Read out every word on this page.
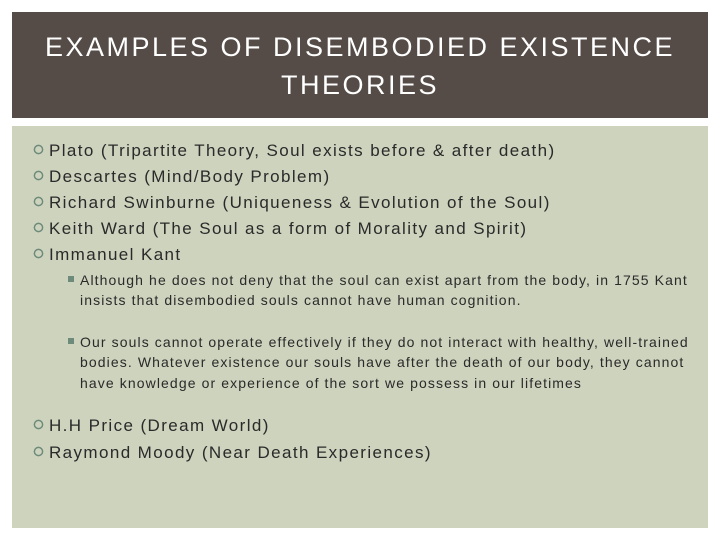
EXAMPLES OF DISEMBODIED EXISTENCE THEORIES
Plato (Tripartite Theory, Soul exists before & after death)
Descartes (Mind/Body Problem)
Richard Swinburne (Uniqueness & Evolution of the Soul)
Keith Ward (The Soul as a form of Morality and Spirit)
Immanuel Kant
Although he does not deny that the soul can exist apart from the body, in 1755 Kant insists that disembodied souls cannot have human cognition.
Our souls cannot operate effectively if they do not interact with healthy, well-trained bodies. Whatever existence our souls have after the death of our body, they cannot have knowledge or experience of the sort we possess in our lifetimes
H.H Price (Dream World)
Raymond Moody (Near Death Experiences)
